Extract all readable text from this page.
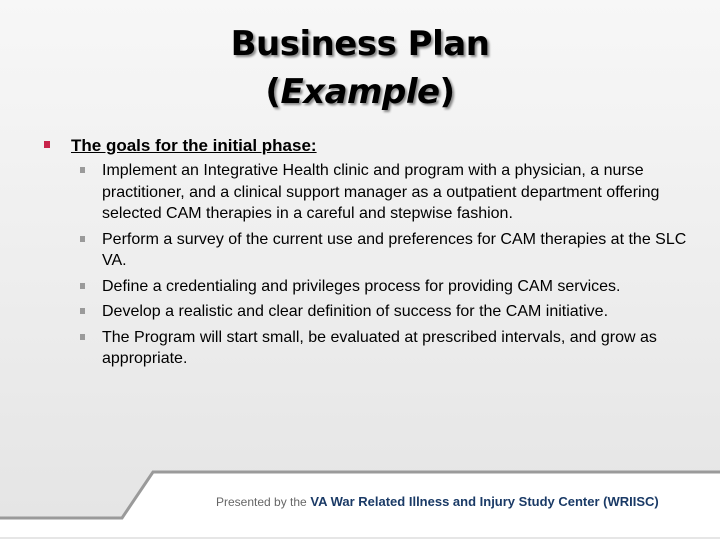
Business Plan
(Example)
The goals for the initial phase:
Implement an Integrative Health clinic and program with a physician, a nurse practitioner, and a clinical support manager as a outpatient department offering selected CAM therapies in a careful and stepwise fashion.
Perform a survey of the current use and preferences for CAM therapies at the SLC VA.
Define a credentialing and privileges process for providing CAM services.
Develop a realistic and clear definition of success for the CAM initiative.
The Program will start small, be evaluated at prescribed intervals, and grow as appropriate.
Presented by the VA War Related Illness and Injury Study Center (WRIISC)
